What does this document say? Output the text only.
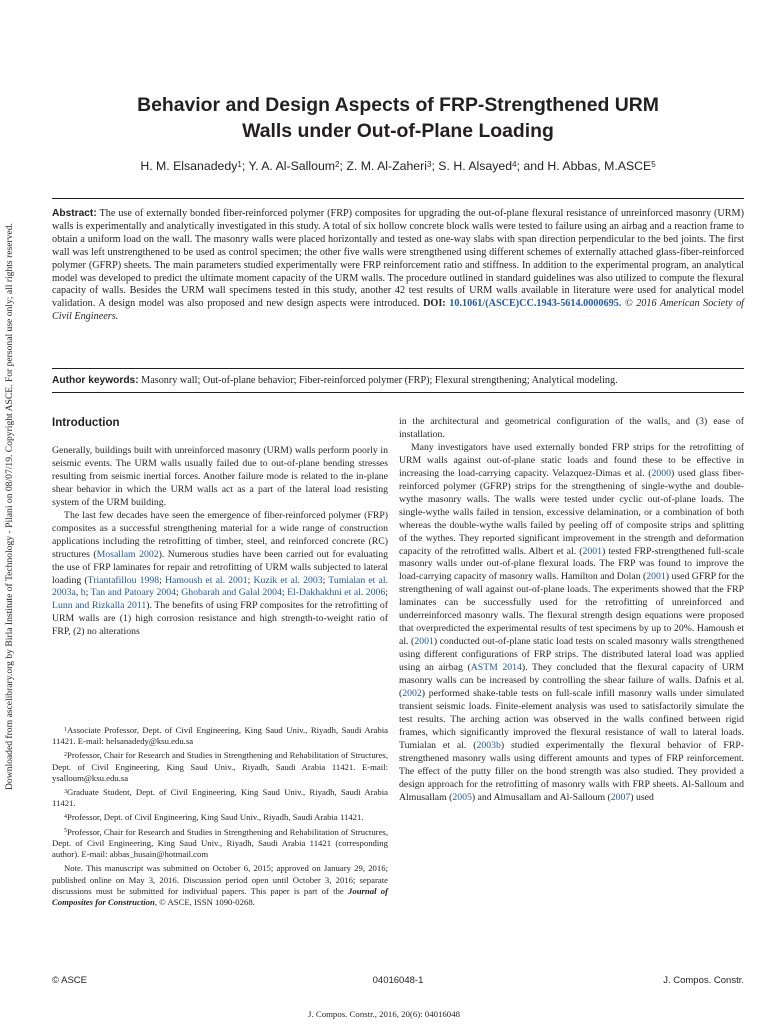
Downloaded from ascelibrary.org by Birla Institute of Technology - Pilani on 08/07/19. Copyright ASCE. For personal use only; all rights reserved.
Behavior and Design Aspects of FRP-Strengthened URM
Walls under Out-of-Plane Loading
H. M. Elsanadedy$^1$; Y. A. Al-Salloum$^2$; Z. M. Al-Zaheri$^3$; S. H. Alsayed$^4$; and H. Abbas, M.ASCE$^5$
Abstract: The use of externally bonded fiber-reinforced polymer (FRP) composites for upgrading the out-of-plane flexural resistance of unreinforced masonry (URM) walls is experimentally and analytically investigated in this study. A total of six hollow concrete block walls were tested to failure using an airbag and a reaction frame to obtain a uniform load on the wall. The masonry walls were placed horizontally and tested as one-way slabs with span direction perpendicular to the bed joints. The first wall was left unstrengthened to be used as control specimen; the other five walls were strengthened using different schemes of externally attached glass-fiber-reinforced polymer (GFRP) sheets. The main parameters studied experimentally were FRP reinforcement ratio and stiffness. In addition to the experimental program, an analytical model was developed to predict the ultimate moment capacity of the URM walls. The procedure outlined in standard guidelines was also utilized to compute the flexural capacity of walls. Besides the URM wall specimens tested in this study, another 42 test results of URM walls available in literature were used for analytical model validation. A design model was also proposed and new design aspects were introduced. DOI: 10.1061/(ASCE)CC.1943-5614.0000695. © 2016 American Society of Civil Engineers.
Author keywords: Masonry wall; Out-of-plane behavior; Fiber-reinforced polymer (FRP); Flexural strengthening; Analytical modeling.
Introduction

Generally, buildings built with unreinforced masonry (URM) walls perform poorly in seismic events. The URM walls usually failed due to out-of-plane bending stresses resulting from seismic inertial forces. Another failure mode is related to the in-plane shear behavior in which the URM walls act as a part of the lateral load resisting system of the URM building.

The last few decades have seen the emergence of fiber-reinforced polymer (FRP) composites as a successful strengthening material for a wide range of construction applications including the retrofitting of timber, steel, and reinforced concrete (RC) structures (Mosallam 2002). Numerous studies have been carried out for evaluating the use of FRP laminates for repair and retrofitting of URM walls subjected to lateral loading (Triantafillou 1998; Hamoush et al. 2001; Kuzik et al. 2003; Tumialan et al. 2003a, b; Tan and Patoary 2004; Ghobarah and Galal 2004; El-Dakhakhni et al. 2006; Lunn and Rizkalla 2011). The benefits of using FRP composites for the retrofitting of URM walls are (1) high corrosion resistance and high strength-to-weight ratio of FRP, (2) no alterations

in the architectural and geometrical configuration of the walls, and (3) ease of installation.

Many investigators have used externally bonded FRP strips for the retrofitting of URM walls against out-of-plane static loads and found these to be effective in increasing the load-carrying capacity. Velazquez-Dimas et al. (2000) used glass fiber-reinforced polymer (GFRP) strips for the strengthening of single-wythe and double-wythe masonry walls. The walls were tested under cyclic out-of-plane loads. The single-wythe walls failed in tension, excessive delamination, or a combination of both whereas the double-wythe walls failed by peeling off of composite strips and splitting of the wythes. They reported significant improvement in the strength and deformation capacity of the retrofitted walls. Albert et al. (2001) tested FRP-strengthened full-scale masonry walls under out-of-plane flexural loads. The FRP was found to improve the load-carrying capacity of masonry walls. Hamilton and Dolan (2001) used GFRP for the strengthening of wall against out-of-plane loads. The experiments showed that the FRP laminates can be successfully used for the retrofitting of unreinforced and underreinforced masonry walls. The flexural strength design equations were proposed that overpredicted the experimental results of test specimens by up to 20%. Hamoush et al. (2001) conducted out-of-plane static load tests on scaled masonry walls strengthened using different configurations of FRP strips. The distributed lateral load was applied using an airbag (ASTM 2014). They concluded that the flexural capacity of URM masonry walls can be increased by controlling the shear failure of walls. Dafnis et al. (2002) performed shake-table tests on full-scale infill masonry walls under simulated transient seismic loads. Finite-element analysis was used to satisfactorily simulate the test results. The arching action was observed in the walls confined between rigid frames, which significantly improved the flexural resistance of wall to lateral loads. Tumialan et al. (2003b) studied experimentally the flexural behavior of FRP-strengthened masonry walls using different amounts and types of FRP reinforcement. The effect of the putty filler on the bond strength was also studied. They provided a design approach for the retrofitting of masonry walls with FRP sheets. Al-Salloum and Almusallam (2005) and Almusallam and Al-Salloum (2007) used

$^1$Associate Professor, Dept. of Civil Engineering, King Saud Univ., Riyadh, Saudi Arabia 11421. E-mail: helsanadedy@ksu.edu.sa

$^2$Professor, Chair for Research and Studies in Strengthening and Rehabilitation of Structures, Dept. of Civil Engineering, King Saud Univ., Riyadh, Saudi Arabia 11421. E-mail: ysalloum@ksu.edu.sa

$^3$Graduate Student, Dept. of Civil Engineering, King Saud Univ., Riyadh, Saudi Arabia 11421.

$^4$Professor, Dept. of Civil Engineering, King Saud Univ., Riyadh, Saudi Arabia 11421.

$^5$Professor, Chair for Research and Studies in Strengthening and Rehabilitation of Structures, Dept. of Civil Engineering, King Saud Univ., Riyadh, Saudi Arabia 11421 (corresponding author). E-mail: abbas_husain@hotmail.com

Note. This manuscript was submitted on October 6, 2015; approved on January 29, 2016; published online on May 3, 2016. Discussion period open until October 3, 2016; separate discussions must be submitted for individual papers. This paper is part of the Journal of Composites for Construction, © ASCE, ISSN 1090-0268.

© ASCE	04016048-1	J. Compos. Constr.
J. Compos. Constr., 2016, 20(6): 04016048
